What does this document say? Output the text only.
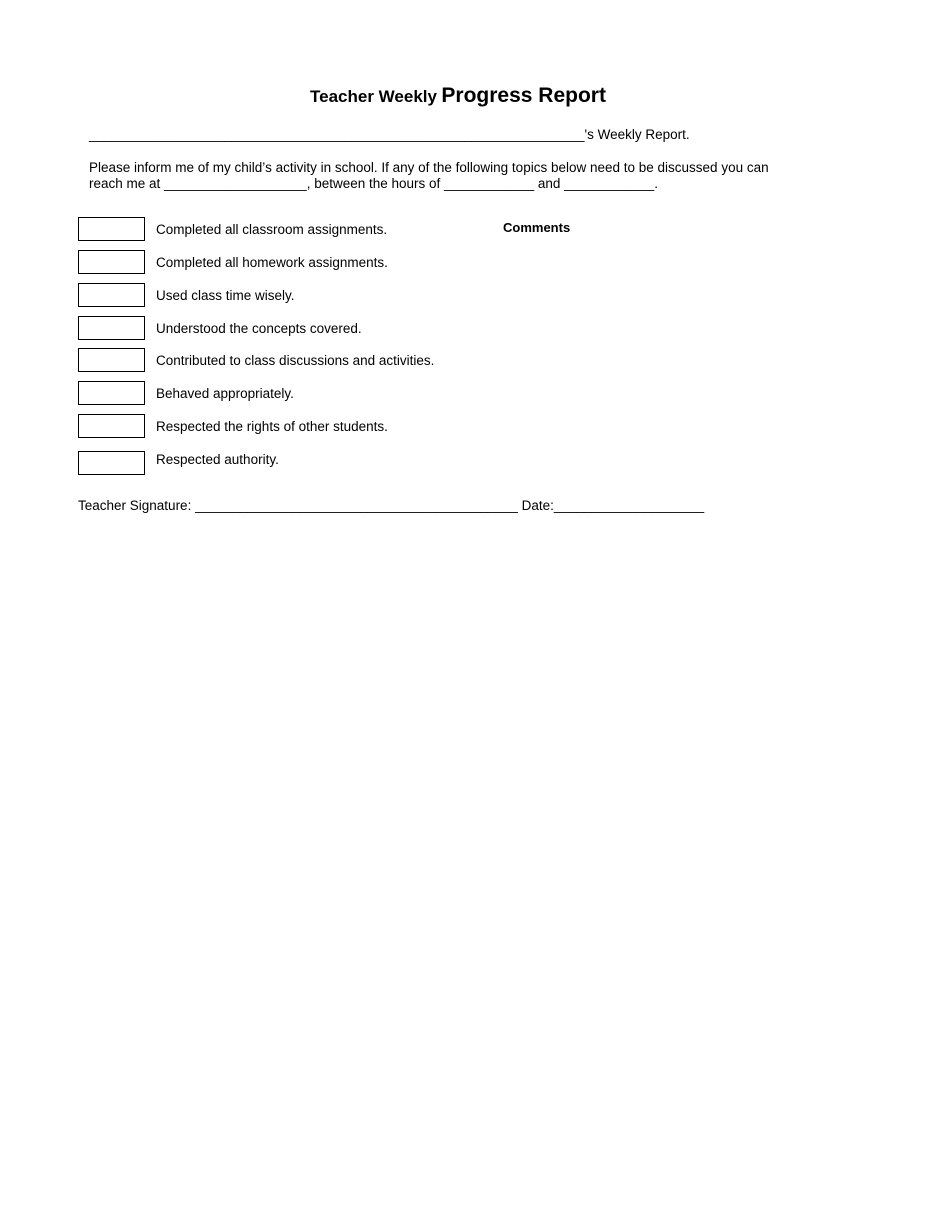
Teacher Weekly Progress Report
__________________________________________________________________'s Weekly Report.
Please inform me of my child’s activity in school. If any of the following topics below need to be discussed you can
reach me at ___________________, between the hours of ____________ and ____________.
Comments
Completed all classroom assignments.
Completed all homework assignments.
Used class time wisely.
Understood the concepts covered.
Contributed to class discussions and activities.
Behaved appropriately.
Respected the rights of other students.
Respected authority.
Teacher Signature: ___________________________________________ Date:____________________
